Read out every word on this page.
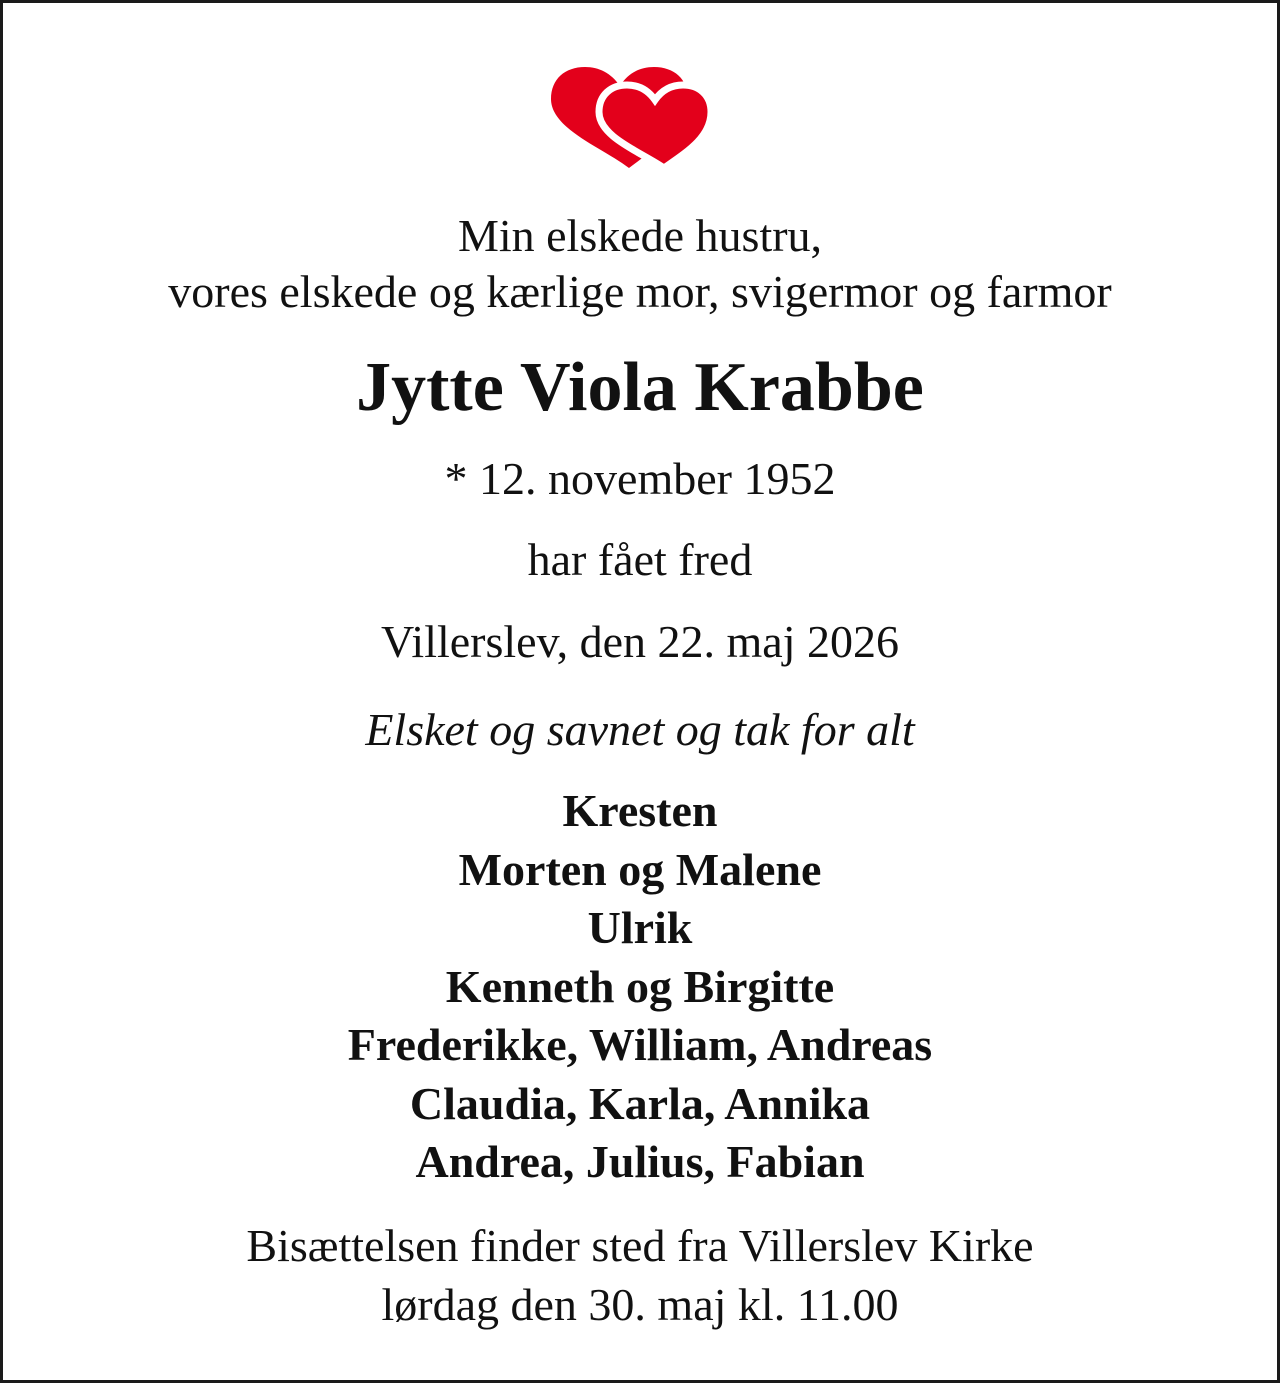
Min elskede hustru,
vores elskede og kærlige mor, svigermor og farmor
Jytte Viola Krabbe
* 12. november 1952
har fået fred
Villerslev, den 22. maj 2026
Elsket og savnet og tak for alt
Kresten
Morten og Malene
Ulrik
Kenneth og Birgitte
Frederikke, William, Andreas
Claudia, Karla, Annika
Andrea, Julius, Fabian
Bisættelsen finder sted fra Villerslev Kirke
lørdag den 30. maj kl. 11.00
